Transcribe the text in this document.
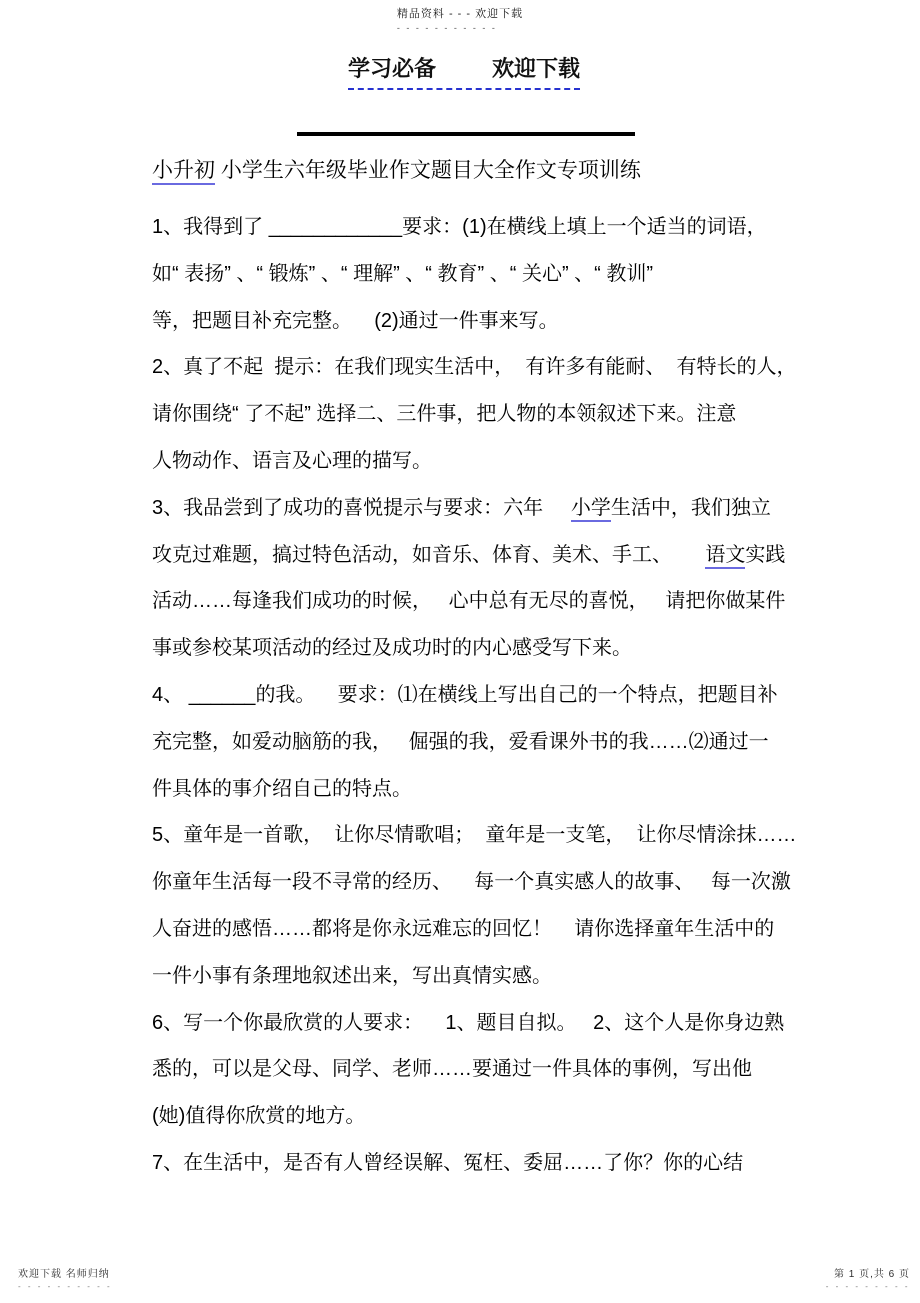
精品资料 - - - 欢迎下载
- - - - - - - - - - -
学习必备	欢迎下载
小升初 小学生六年级毕业作文题目大全作文专项训练
1、我得到了 ____________要求：(1)在横线上填上一个适当的词语，
如“ 表扬” 、“ 锻炼” 、“ 理解” 、“ 教育” 、“ 关心” 、“ 教训”
等，把题目补充完整。    (2)通过一件事来写。
2、真了不起  提示：在我们现实生活中，  有许多有能耐、  有特长的人，
请你围绕“ 了不起” 选择二、三件事，把人物的本领叙述下来。注意
人物动作、语言及心理的描写。
3、我品尝到了成功的喜悦提示与要求：六年     小学生活中，我们独立
攻克过难题，搞过特色活动，如音乐、体育、美术、手工、      语文实践
活动……每逢我们成功的时候，   心中总有无尽的喜悦，   请把你做某件
事或参校某项活动的经过及成功时的内心感受写下来。
4、 ______的我。    要求：⑴在横线上写出自己的一个特点，把题目补
充完整，如爱动脑筋的我，   倔强的我，爱看课外书的我……⑵通过一
件具体的事介绍自己的特点。
5、童年是一首歌，  让你尽情歌唱；  童年是一支笔，  让你尽情涂抹……
你童年生活每一段不寻常的经历、    每一个真实感人的故事、   每一次激
人奋进的感悟……都将是你永远难忘的回忆！    请你选择童年生活中的
一件小事有条理地叙述出来，写出真情实感。
6、写一个你最欣赏的人要求：    1、题目自拟。   2、这个人是你身边熟
悉的，可以是父母、同学、老师……要通过一件具体的事例，写出他
(她)值得你欣赏的地方。
7、在生活中，是否有人曾经误解、冤枉、委屈……了你？你的心结
欢迎下载 名师归纳
- - - - - - - - - -
第 1 页,共 6 页
- - - - - - - - -
